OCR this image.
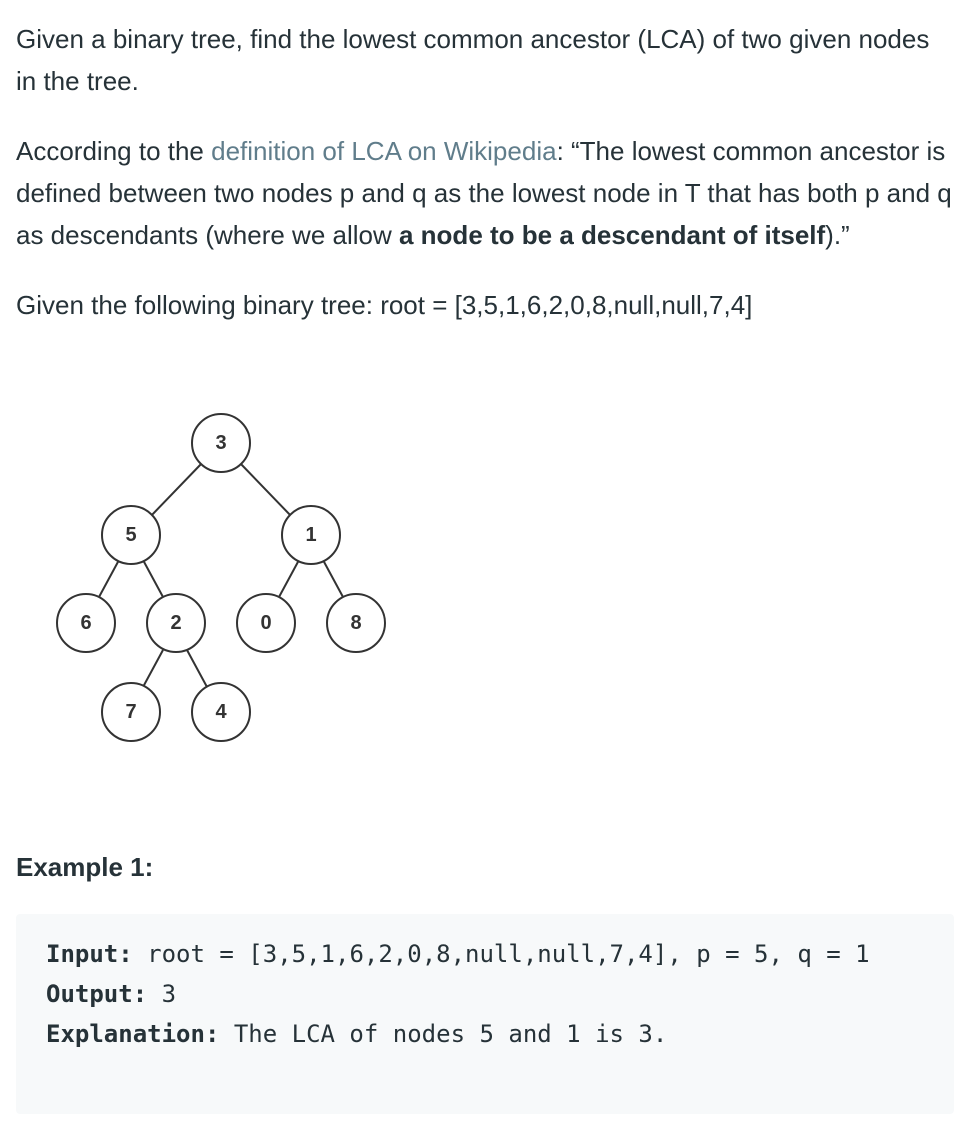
Given a binary tree, find the lowest common ancestor (LCA) of two given nodes in the tree.

According to the definition of LCA on Wikipedia: “The lowest common ancestor is defined between two nodes p and q as the lowest node in T that has both p and q as descendants (where we allow a node to be a descendant of itself).”

Given the following binary tree: root = [3,5,1,6,2,0,8,null,null,7,4]

3
5	1
6	2	0	8
7	4
Example 1:
Input: root = [3,5,1,6,2,0,8,null,null,7,4], p = 5, q = 1
Output: 3
Explanation: The LCA of nodes 5 and 1 is 3.
